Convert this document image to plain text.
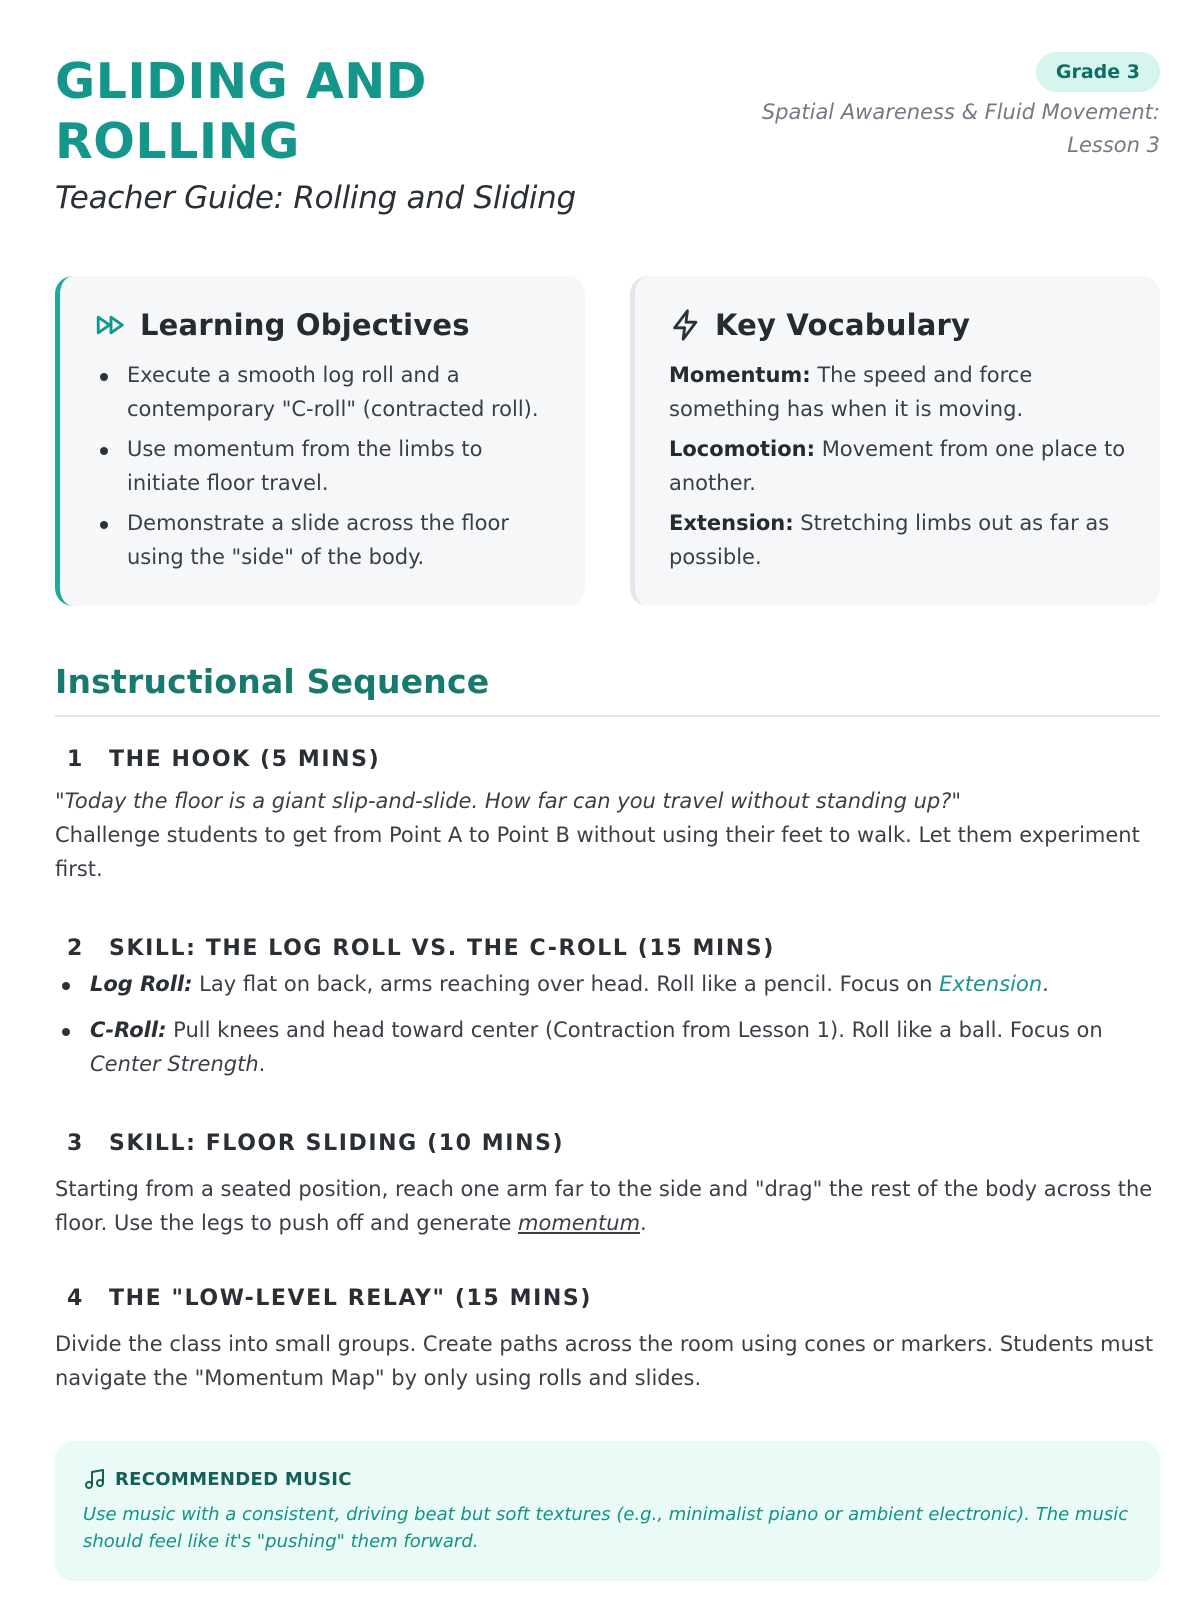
GLIDING AND ROLLING
Teacher Guide: Rolling and Sliding
Grade 3
Spatial Awareness & Fluid Movement: Lesson 3
Learning Objectives
Execute a smooth log roll and a contemporary "C-roll" (contracted roll).
Use momentum from the limbs to initiate floor travel.
Demonstrate a slide across the floor using the "side" of the body.
Key Vocabulary
Momentum: The speed and force something has when it is moving.
Locomotion: Movement from one place to another.
Extension: Stretching limbs out as far as possible.
Instructional Sequence
1	THE HOOK (5 MINS)
"Today the floor is a giant slip-and-slide. How far can you travel without standing up?"
Challenge students to get from Point A to Point B without using their feet to walk. Let them experiment first.
2	SKILL: THE LOG ROLL VS. THE C-ROLL (15 MINS)
Log Roll: Lay flat on back, arms reaching over head. Roll like a pencil. Focus on Extension.
C-Roll: Pull knees and head toward center (Contraction from Lesson 1). Roll like a ball. Focus on Center Strength.
3	SKILL: FLOOR SLIDING (10 MINS)
Starting from a seated position, reach one arm far to the side and "drag" the rest of the body across the floor. Use the legs to push off and generate momentum.
4	THE "LOW-LEVEL RELAY" (15 MINS)
Divide the class into small groups. Create paths across the room using cones or markers. Students must navigate the "Momentum Map" by only using rolls and slides.
RECOMMENDED MUSIC
Use music with a consistent, driving beat but soft textures (e.g., minimalist piano or ambient electronic). The music should feel like it's "pushing" them forward.
